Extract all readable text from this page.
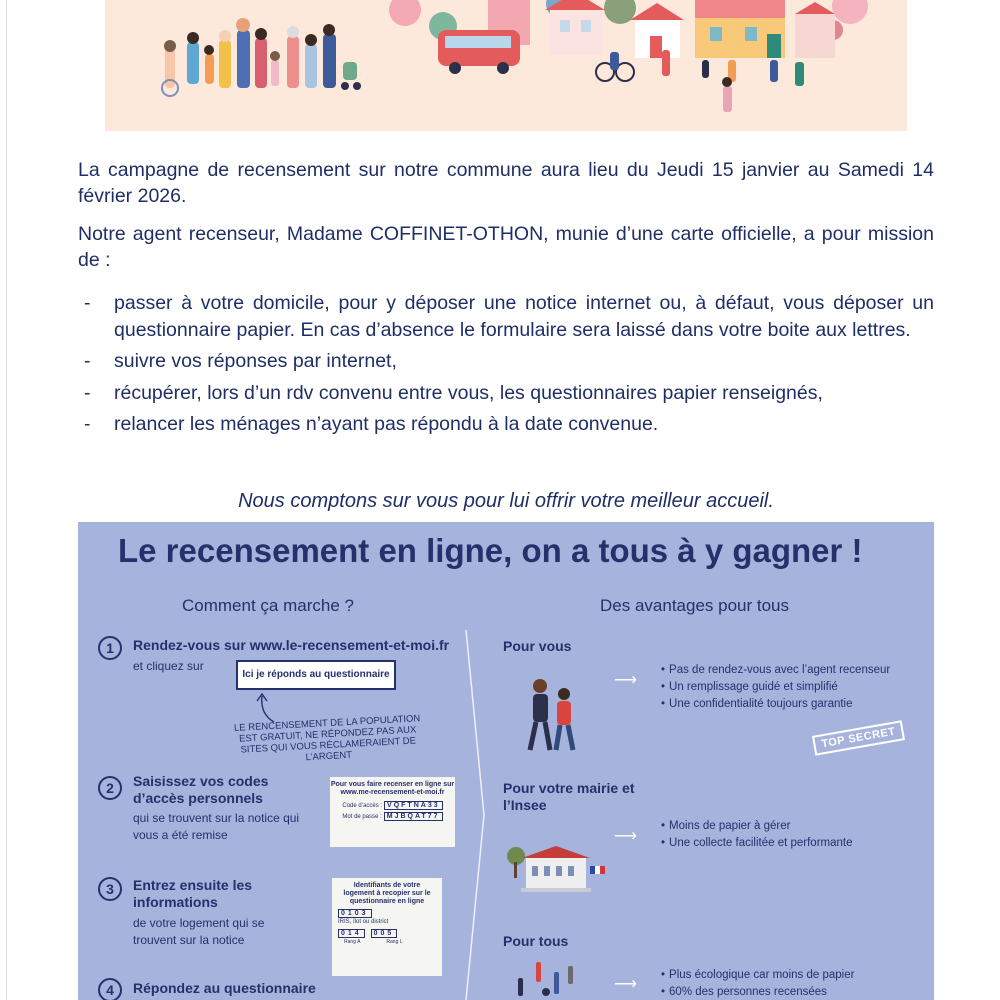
La campagne de recensement sur notre commune aura lieu du Jeudi 15 janvier au Samedi 14 février 2026.

Notre agent recenseur, Madame COFFINET-OTHON, munie d’une carte officielle, a pour mission de :

- passer à votre domicile, pour y déposer une notice internet ou, à défaut, vous déposer un questionnaire papier. En cas d’absence le formulaire sera laissé dans votre boite aux lettres.
- suivre vos réponses par internet,
- récupérer, lors d’un rdv convenu entre vous, les questionnaires papier renseignés,
- relancer les ménages n’ayant pas répondu à la date convenue.
Nous comptons sur vous pour lui offrir votre meilleur accueil.
Le recensement en ligne, on a tous à y gagner !
Comment ça marche ?	Des avantages pour tous
1	Rendez-vous sur www.le-recensement-et-moi.fr
et cliquez sur
Ici je réponds au questionnaire
LE RENCENSEMENT DE LA POPULATION EST GRATUIT, NE RÉPONDEZ PAS AUX SITES QUI VOUS RÉCLAMERAIENT DE L’ARGENT
2	Saisissez vos codes d’accès personnels
qui se trouvent sur la notice qui vous a été remise
Pour vous faire recenser en ligne sur
www.me-recensement-et-moi.fr
Code d’accès : VQFTNA33
Mot de passe : MJBQAT77
3	Entrez ensuite les informations
de votre logement qui se trouvent sur la notice
Identifiants de votre logement à recopier sur le questionnaire en ligne
0103
IRIS, îlot ou district
014 005
Rang A	Rang L
4	Répondez au questionnaire
Pour vous
⟶
• Pas de rendez-vous avec l’agent recenseur
• Un remplissage guidé et simplifié
• Une confidentialité toujours garantie
TOP SECRET
Pour votre mairie et l’Insee
⟶
• Moins de papier à gérer
• Une collecte facilitée et performante
Pour tous
⟶
• Plus écologique car moins de papier
• 60% des personnes recensées
